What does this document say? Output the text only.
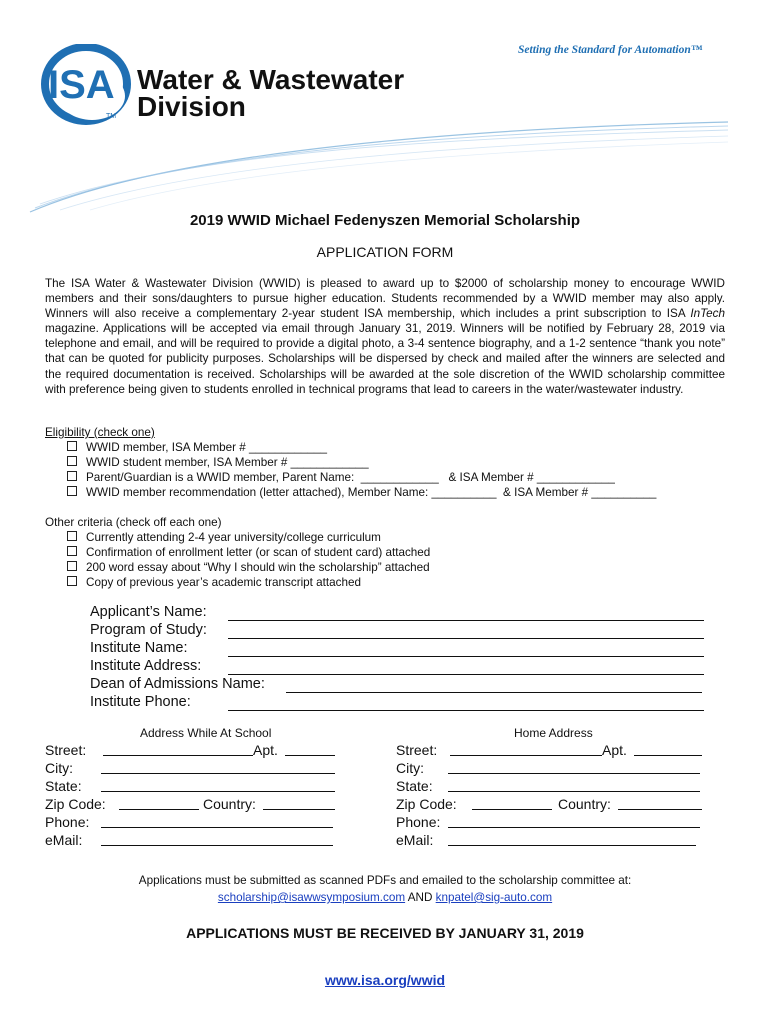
ISA
TM
Water & Wastewater
Division
Setting the Standard for Automation™
2019 WWID Michael Fedenyszen Memorial Scholarship
APPLICATION FORM
The ISA Water & Wastewater Division (WWID) is pleased to award up to $2000 of scholarship money to encourage WWID members and their sons/daughters to pursue higher education. Students recommended by a WWID member may also apply. Winners will also receive a complementary 2-year student ISA membership, which includes a print subscription to ISA InTech magazine. Applications will be accepted via email through January 31, 2019. Winners will be notified by February 28, 2019 via telephone and email, and will be required to provide a digital photo, a 3-4 sentence biography, and a 1-2 sentence “thank you note” that can be quoted for publicity purposes. Scholarships will be dispersed by check and mailed after the winners are selected and the required documentation is received. Scholarships will be awarded at the sole discretion of the WWID scholarship committee with preference being given to students enrolled in technical programs that lead to careers in the water/wastewater industry.
Eligibility (check one)
WWID member, ISA Member # ____________
WWID student member, ISA Member # ____________
Parent/Guardian is a WWID member, Parent Name:  ____________   & ISA Member # ____________
WWID member recommendation (letter attached), Member Name: __________  & ISA Member # __________
Other criteria (check off each one)
Currently attending 2-4 year university/college curriculum
Confirmation of enrollment letter (or scan of student card) attached
200 word essay about “Why I should win the scholarship” attached
Copy of previous year’s academic transcript attached
Applicant’s Name:
Program of Study:
Institute Name:
Institute Address:
Dean of Admissions Name:
Institute Phone:
Address While At School	Home Address
Street:	Apt.
City:
State:
Zip Code:	Country:
Phone:
eMail:
Street:	Apt.
City:
State:
Zip Code:	Country:
Phone:
eMail:
Applications must be submitted as scanned PDFs and emailed to the scholarship committee at:
scholarship@isawwsymposium.com AND knpatel@sig-auto.com
APPLICATIONS MUST BE RECEIVED BY JANUARY 31, 2019
www.isa.org/wwid
